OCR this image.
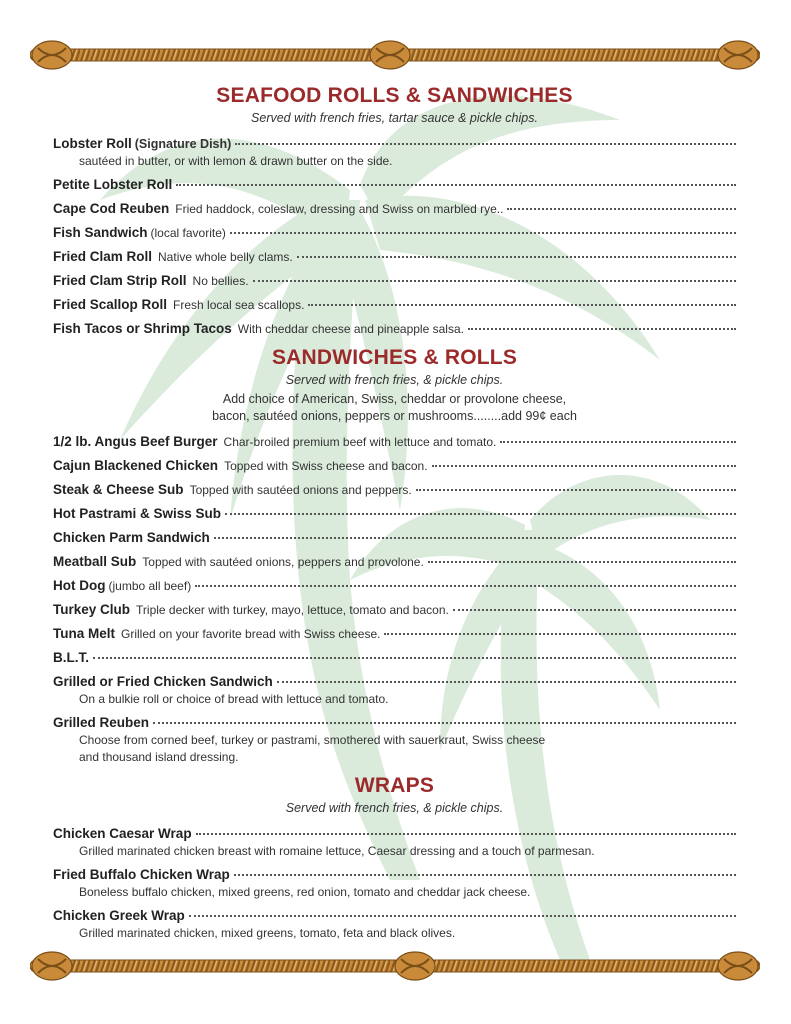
SEAFOOD ROLLS & SANDWICHES
Served with french fries, tartar sauce & pickle chips.
Lobster Roll (Signature Dish)
sautéed in butter, or with lemon & drawn butter on the side.
Petite Lobster Roll
Cape Cod Reuben Fried haddock, coleslaw, dressing and Swiss on marbled rye..
Fish Sandwich (local favorite)
Fried Clam Roll Native whole belly clams.
Fried Clam Strip Roll No bellies.
Fried Scallop Roll Fresh local sea scallops.
Fish Tacos or Shrimp Tacos With cheddar cheese and pineapple salsa.
SANDWICHES & ROLLS
Served with french fries, & pickle chips.
Add choice of American, Swiss, cheddar or provolone cheese,
bacon, sautéed onions, peppers or mushrooms........add 99¢ each
1/2 lb. Angus Beef Burger Char-broiled premium beef with lettuce and tomato.
Cajun Blackened Chicken Topped with Swiss cheese and bacon.
Steak & Cheese Sub Topped with sautéed onions and peppers.
Hot Pastrami & Swiss Sub
Chicken Parm Sandwich
Meatball Sub Topped with sautéed onions, peppers and provolone.
Hot Dog (jumbo all beef)
Turkey Club Triple decker with turkey, mayo, lettuce, tomato and bacon.
Tuna Melt Grilled on your favorite bread with Swiss cheese.
B.L.T.
Grilled or Fried Chicken Sandwich
On a bulkie roll or choice of bread with lettuce and tomato.
Grilled Reuben
Choose from corned beef, turkey or pastrami, smothered with sauerkraut, Swiss cheese
and thousand island dressing.
WRAPS
Served with french fries, & pickle chips.
Chicken Caesar Wrap
Grilled marinated chicken breast with romaine lettuce, Caesar dressing and a touch of parmesan.
Fried Buffalo Chicken Wrap
Boneless buffalo chicken, mixed greens, red onion, tomato and cheddar jack cheese.
Chicken Greek Wrap
Grilled marinated chicken, mixed greens, tomato, feta and black olives.
